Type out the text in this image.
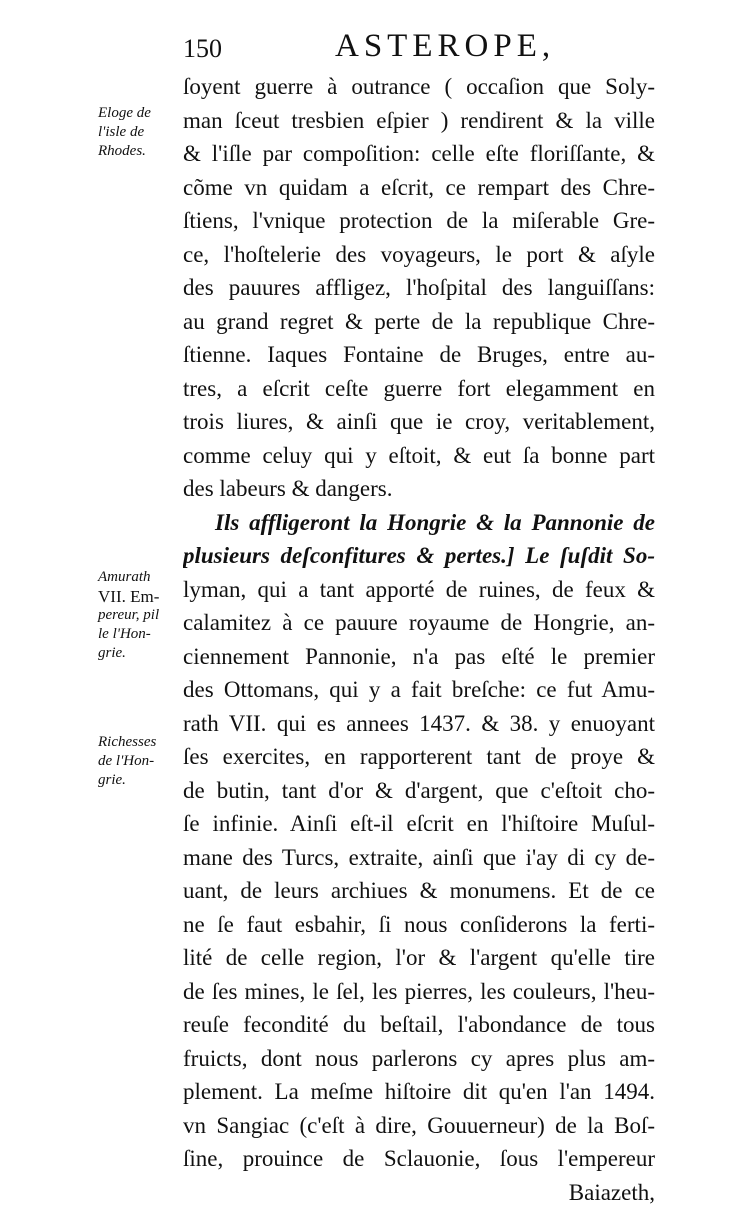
150	ASTEROPE,
Eloge de
l'isle de
Rhodes.
Amurath
VII. Em-
pereur, pil
le l'Hon-
grie.
Richesses
de l'Hon-
grie.
ſoyent guerre à outrance ( occaſion que Soly-
man ſceut tresbien eſpier ) rendirent & la ville
& l'iſle par compoſition: celle eſte floriſſante, &
cõme vn quidam a eſcrit, ce rempart des Chre-
ſtiens, l'vnique protection de la miſerable Gre-
ce, l'hoſtelerie des voyageurs, le port & aſyle
des pauures affligez, l'hoſpital des languiſſans:
au grand regret & perte de la republique Chre-
ſtienne. Iaques Fontaine de Bruges, entre au-
tres, a eſcrit ceſte guerre fort elegamment en
trois liures, & ainſi que ie croy, veritablement,
comme celuy qui y eſtoit, & eut ſa bonne part
des labeurs & dangers.
Ils affligeront la Hongrie & la Pannonie de
plusieurs deſconfitures & pertes.] Le ſuſdit So-
lyman, qui a tant apporté de ruines, de feux &
calamitez à ce pauure royaume de Hongrie, an-
ciennement Pannonie, n'a pas eſté le premier
des Ottomans, qui y a fait breſche: ce fut Amu-
rath VII. qui es annees 1437. & 38. y enuoyant
ſes exercites, en rapporterent tant de proye &
de butin, tant d'or & d'argent, que c'eſtoit cho-
ſe infinie. Ainſi eſt-il eſcrit en l'hiſtoire Muſul-
mane des Turcs, extraite, ainſi que i'ay di cy de-
uant, de leurs archiues & monumens. Et de ce
ne ſe faut esbahir, ſi nous conſiderons la ferti-
lité de celle region, l'or & l'argent qu'elle tire
de ſes mines, le ſel, les pierres, les couleurs, l'heu-
reuſe fecondité du beſtail, l'abondance de tous
fruicts, dont nous parlerons cy apres plus am-
plement. La meſme hiſtoire dit qu'en l'an 1494.
vn Sangiac (c'eſt à dire, Gouuerneur) de la Boſ-
ſine, prouince de Sclauonie, ſous l'empereur
Baiazeth,
